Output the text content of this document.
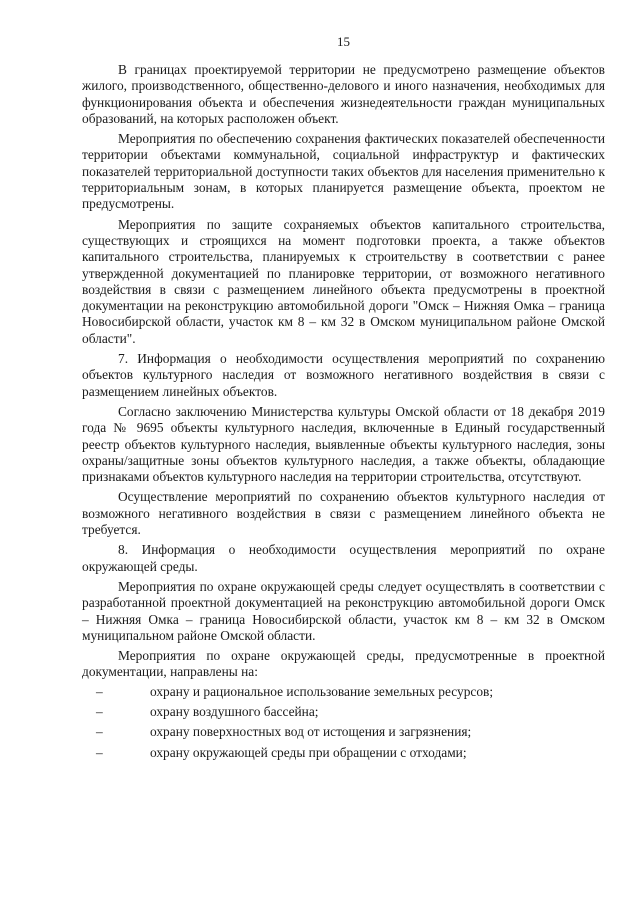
15

В границах проектируемой территории не предусмотрено размещение объектов жилого, производственного, общественно-делового и иного назначения, необходимых для функционирования объекта и обеспечения жизнедеятельности граждан муниципальных образований, на которых расположен объект.

Мероприятия по обеспечению сохранения фактических показателей обеспеченности территории объектами коммунальной, социальной инфраструктур и фактических показателей территориальной доступности таких объектов для населения применительно к территориальным зонам, в которых планируется размещение объекта, проектом не предусмотрены.

Мероприятия по защите сохраняемых объектов капитального строительства, существующих и строящихся на момент подготовки проекта, а также объектов капитального строительства, планируемых к строительству в соответствии с ранее утвержденной документацией по планировке территории, от возможного негативного воздействия в связи с размещением линейного объекта предусмотрены в проектной документации на реконструкцию автомобильной дороги "Омск – Нижняя Омка – граница Новосибирской области, участок км 8 – км 32 в Омском муниципальном районе Омской области".

7. Информация о необходимости осуществления мероприятий по сохранению объектов культурного наследия от возможного негативного воздействия в связи с размещением линейных объектов.

Согласно заключению Министерства культуры Омской области от 18 декабря 2019 года № 9695 объекты культурного наследия, включенные в Единый государственный реестр объектов культурного наследия, выявленные объекты культурного наследия, зоны охраны/защитные зоны объектов культурного наследия, а также объекты, обладающие признаками объектов культурного наследия на территории строительства, отсутствуют.

Осуществление мероприятий по сохранению объектов культурного наследия от возможного негативного воздействия в связи с размещением линейного объекта не требуется.

8. Информация о необходимости осуществления мероприятий по охране окружающей среды.

Мероприятия по охране окружающей среды следует осуществлять в соответствии с разработанной проектной документацией на реконструкцию автомобильной дороги Омск – Нижняя Омка – граница Новосибирской области, участок км 8 – км 32 в Омском муниципальном районе Омской области.

Мероприятия по охране окружающей среды, предусмотренные в проектной документации, направлены на:

–	охрану и рациональное использование земельных ресурсов;
–	охрану воздушного бассейна;
–	охрану поверхностных вод от истощения и загрязнения;
–	охрану окружающей среды при обращении с отходами;
